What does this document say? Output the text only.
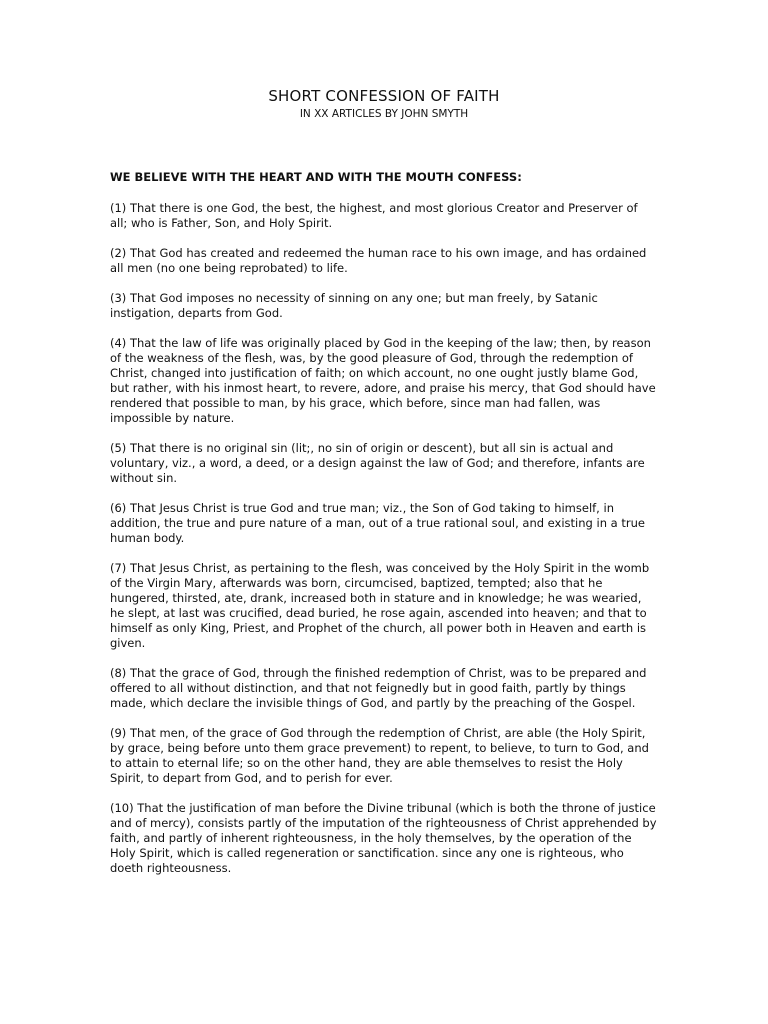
SHORT CONFESSION OF FAITH
IN XX ARTICLES BY JOHN SMYTH
WE BELIEVE WITH THE HEART AND WITH THE MOUTH CONFESS:

(1) That there is one God, the best, the highest, and most glorious Creator and Preserver of all; who is Father, Son, and Holy Spirit.

(2) That God has created and redeemed the human race to his own image, and has ordained all men (no one being reprobated) to life.

(3) That God imposes no necessity of sinning on any one; but man freely, by Satanic instigation, departs from God.

(4) That the law of life was originally placed by God in the keeping of the law; then, by reason of the weakness of the flesh, was, by the good pleasure of God, through the redemption of Christ, changed into justification of faith; on which account, no one ought justly blame God, but rather, with his inmost heart, to revere, adore, and praise his mercy, that God should have rendered that possible to man, by his grace, which before, since man had fallen, was impossible by nature.

(5) That there is no original sin (lit;, no sin of origin or descent), but all sin is actual and voluntary, viz., a word, a deed, or a design against the law of God; and therefore, infants are without sin.

(6) That Jesus Christ is true God and true man; viz., the Son of God taking to himself, in addition, the true and pure nature of a man, out of a true rational soul, and existing in a true human body.

(7) That Jesus Christ, as pertaining to the flesh, was conceived by the Holy Spirit in the womb of the Virgin Mary, afterwards was born, circumcised, baptized, tempted; also that he hungered, thirsted, ate, drank, increased both in stature and in knowledge; he was wearied, he slept, at last was crucified, dead buried, he rose again, ascended into heaven; and that to himself as only King, Priest, and Prophet of the church, all power both in Heaven and earth is given.

(8) That the grace of God, through the finished redemption of Christ, was to be prepared and offered to all without distinction, and that not feignedly but in good faith, partly by things made, which declare the invisible things of God, and partly by the preaching of the Gospel.

(9) That men, of the grace of God through the redemption of Christ, are able (the Holy Spirit, by grace, being before unto them grace prevement) to repent, to believe, to turn to God, and to attain to eternal life; so on the other hand, they are able themselves to resist the Holy Spirit, to depart from God, and to perish for ever.

(10) That the justification of man before the Divine tribunal (which is both the throne of justice and of mercy), consists partly of the imputation of the righteousness of Christ apprehended by faith, and partly of inherent righteousness, in the holy themselves, by the operation of the Holy Spirit, which is called regeneration or sanctification. since any one is righteous, who doeth righteousness.
